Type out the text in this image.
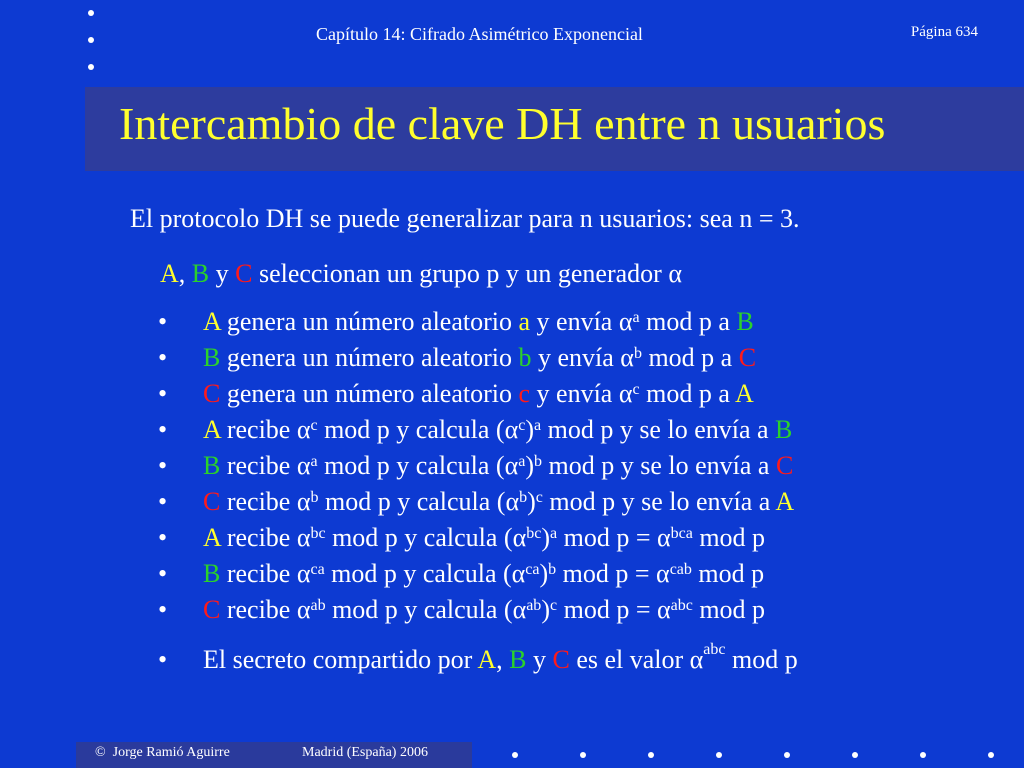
Capítulo 14: Cifrado Asimétrico Exponencial	Página 634
Intercambio de clave DH entre n usuarios
El protocolo DH se puede generalizar para n usuarios: sea n = 3.
A, B y C seleccionan un grupo p y un generador α
• A genera un número aleatorio a y envía $\alpha^a$ mod p a B
• B genera un número aleatorio b y envía $\alpha^b$ mod p a C
• C genera un número aleatorio c y envía $\alpha^c$ mod p a A
• A recibe $\alpha^c$ mod p y calcula $(\alpha^c)^a$ mod p y se lo envía a B
• B recibe $\alpha^a$ mod p y calcula $(\alpha^a)^b$ mod p y se lo envía a C
• C recibe $\alpha^b$ mod p y calcula $(\alpha^b)^c$ mod p y se lo envía a A
• A recibe $\alpha^{bc}$ mod p y calcula $(\alpha^{bc})^a$ mod $p = \alpha^{bca}$ mod p
• B recibe $\alpha^{ca}$ mod p y calcula $(\alpha^{ca})^b$ mod $p = \alpha^{cab}$ mod p
• C recibe $\alpha^{ab}$ mod p y calcula $(\alpha^{ab})^c$ mod $p = \alpha^{abc}$ mod p
• El secreto compartido por A, B y C es el valor $\alpha^{abc}$ mod p
© Jorge Ramió Aguirre	Madrid (España) 2006
